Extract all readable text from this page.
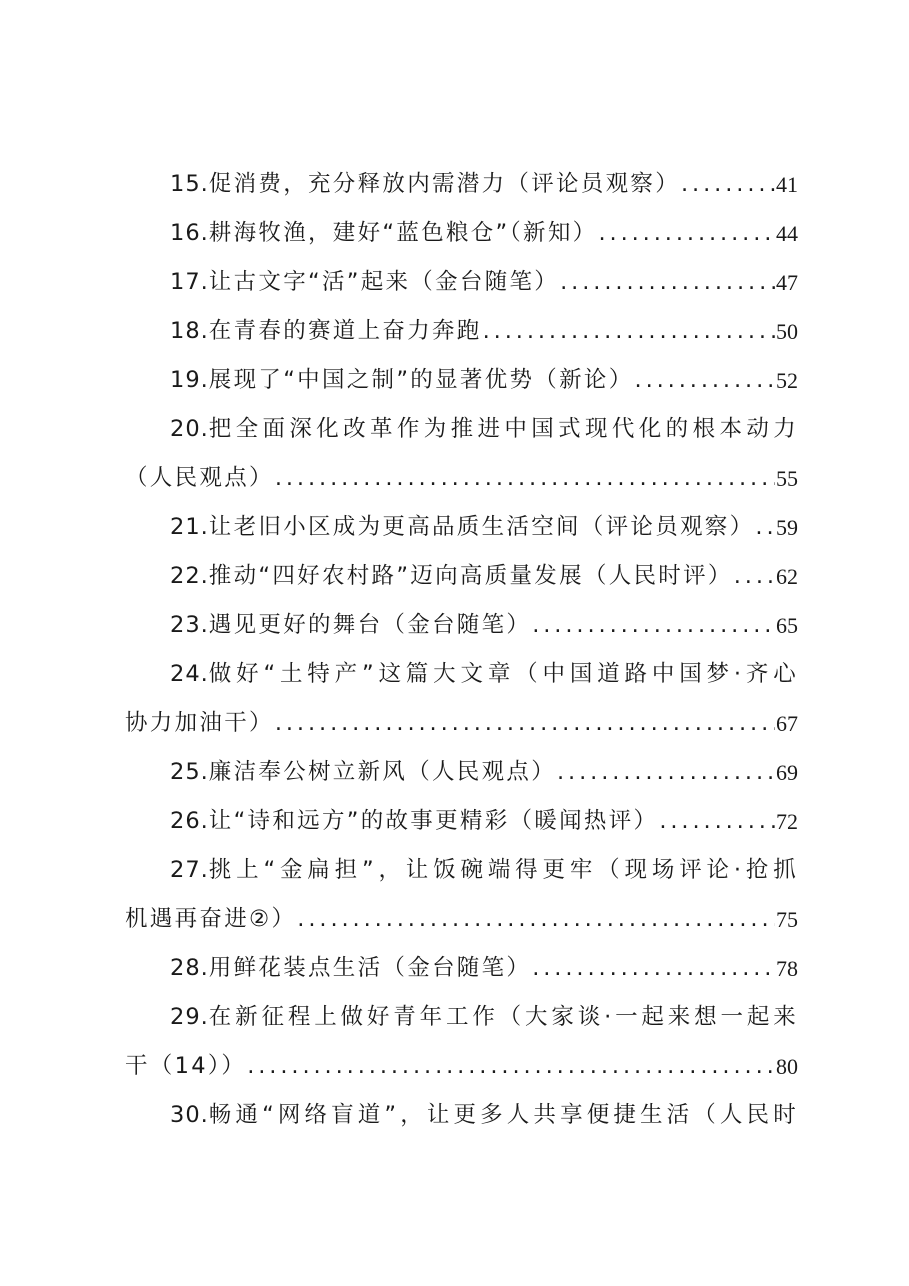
15. 促消费，充分释放内需潜力（评论员观察） .....	41
16. 耕海牧渔，建好“蓝色粮仓”（新知） .....	44
17. 让古文字“活”起来（金台随笔） .....	47
18. 在青春的赛道上奋力奔跑 .....	50
19. 展现了“中国之制”的显著优势（新论） .....	52
20. 把全面深化改革作为推进中国式现代化的根本动力
（人民观点） .....	55
21. 让老旧小区成为更高品质生活空间（评论员观察） ..... 59
22. 推动“四好农村路”迈向高质量发展（人民时评） ..... 62
23. 遇见更好的舞台（金台随笔） .....	65
24. 做好“土特产”这篇大文章（中国道路中国梦·齐心
协力加油干） .....	67
25. 廉洁奉公树立新风（人民观点） .....	69
26. 让“诗和远方”的故事更精彩（暖闻热评） .....	72
27. 挑上“金扁担”，让饭碗端得更牢（现场评论·抢抓
机遇再奋进②） .....	75
28. 用鲜花装点生活（金台随笔） .....	78
29. 在新征程上做好青年工作（大家谈·一起来想一起来
干（14）） .....	80
30. 畅通“网络盲道”，让更多人共享便捷生活（人民时
